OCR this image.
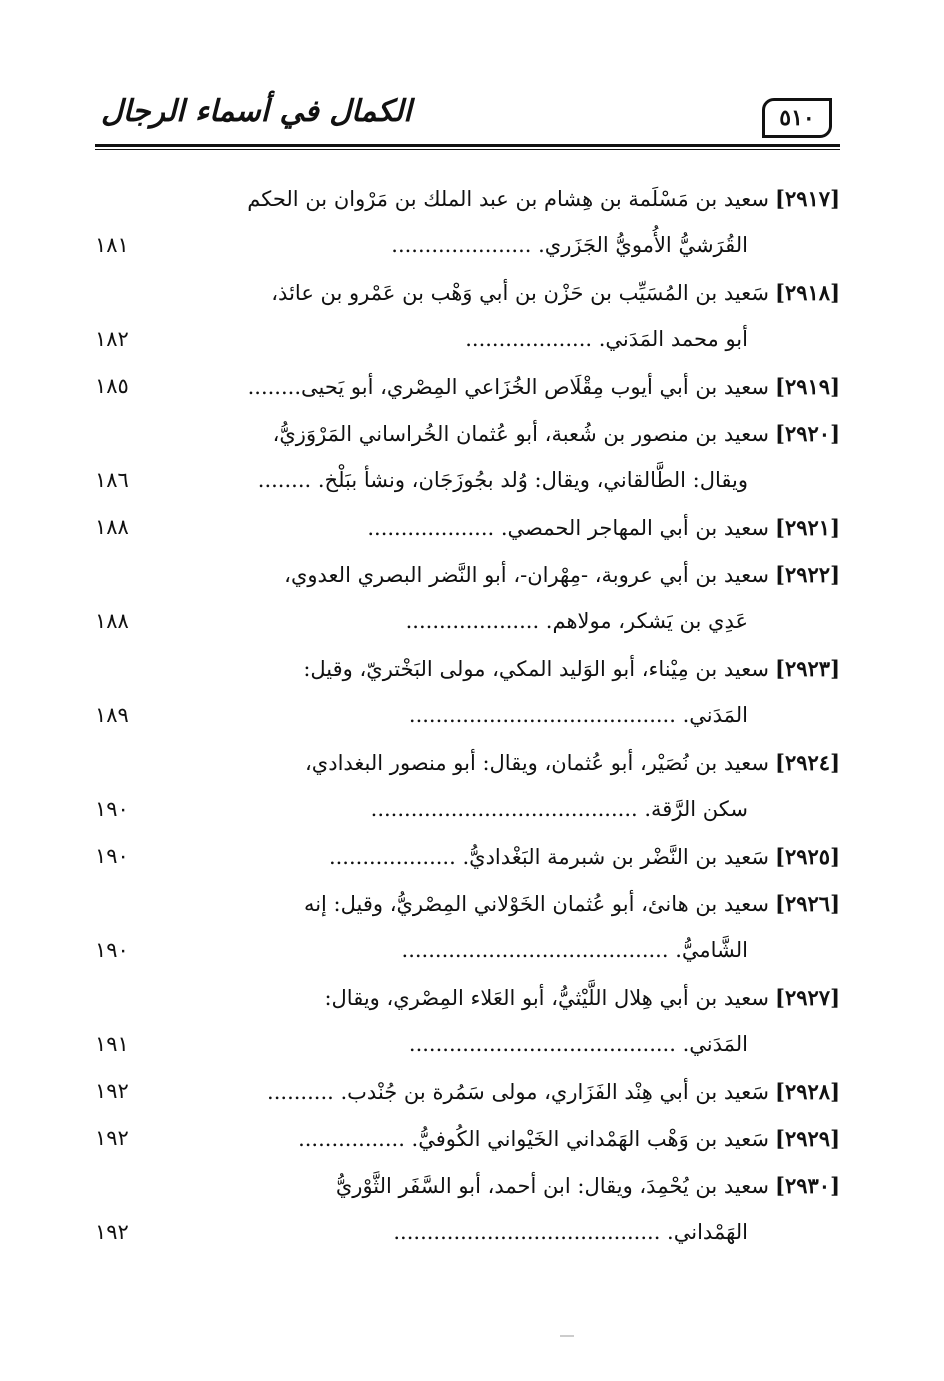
٥١٠
الكمال في أسماء الرجال
[٢٩١٧]سعيد بن مَسْلَمة بن هِشام بن عبد الملك بن مَرْوان بن الحكم
القُرَشيُّ الأُمويُّ الجَزَري. .....................
١٨١
[٢٩١٨]سَعيد بن المُسَيِّب بن حَزْن بن أبي وَهْب بن عَمْرو بن عائذ،
أبو محمد المَدَني. ...................
١٨٢
[٢٩١٩]سعيد بن أبي أيوب مِقْلَاص الخُزَاعي المِصْري، أبو يَحيى........
١٨٥
[٢٩٢٠]سعيد بن منصور بن شُعبة، أبو عُثمان الخُراساني المَرْوَزيُّ،
ويقال: الطَّالقاني، ويقال: وُلد بجُوزَجَان، ونشأ ببَلْخ. ........
١٨٦
[٢٩٢١]سعيد بن أبي المهاجر الحمصي. ...................
١٨٨
[٢٩٢٢]سعيد بن أبي عروبة، -مِهْران-، أبو النَّضر البصري العدوي،
عَدِي بن يَشكر، مولاهم. ....................
١٨٨
[٢٩٢٣]سعيد بن مِيْناء، أبو الوَليد المكي، مولى البَخْتريّ، وقيل:
المَدَني. ........................................
١٨٩
[٢٩٢٤]سعيد بن نُصَيْر، أبو عُثمان، ويقال: أبو منصور البغدادي،
سكن الرَّقة. ........................................
١٩٠
[٢٩٢٥]سَعيد بن النَّضْر بن شبرمة البَغْداديُّ. ...................
١٩٠
[٢٩٢٦]سعيد بن هانئ، أبو عُثمان الخَوْلاني المِصْريُّ، وقيل: إنه
الشَّاميُّ. ........................................
١٩٠
[٢٩٢٧]سعيد بن أبي هِلال اللَّيْثيُّ، أبو العَلاء المِصْري، ويقال:
المَدَني. ........................................
١٩١
[٢٩٢٨]سَعيد بن أبي هِنْد الفَزَاري، مولى سَمُرة بن جُنْدب. ..........
١٩٢
[٢٩٢٩]سَعيد بن وَهْب الهَمْداني الخَيْواني الكُوفيُّ. ................
١٩٢
[٢٩٣٠]سعيد بن يُحْمِدَ، ويقال: ابن أحمد، أبو السَّفَر الثَّوْريُّ
الهَمْداني. ........................................
١٩٢
